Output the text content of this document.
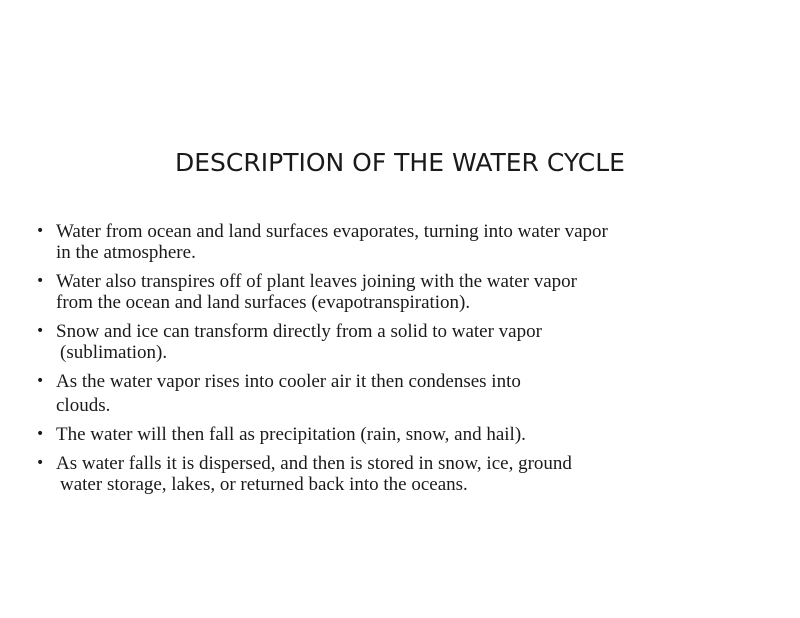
DESCRIPTION OF THE WATER CYCLE
• Water from ocean and land surfaces evaporates, turning into water vapor
in the atmosphere.
• Water also transpires off of plant leaves joining with the water vapor
from the ocean and land surfaces (evapotranspiration).
• Snow and ice can transform directly from a solid to water vapor
(sublimation).
• As the water vapor rises into cooler air it then condenses into
clouds.
• The water will then fall as precipitation (rain, snow, and hail).
• As water falls it is dispersed, and then is stored in snow, ice, ground
water storage, lakes, or returned back into the oceans.
